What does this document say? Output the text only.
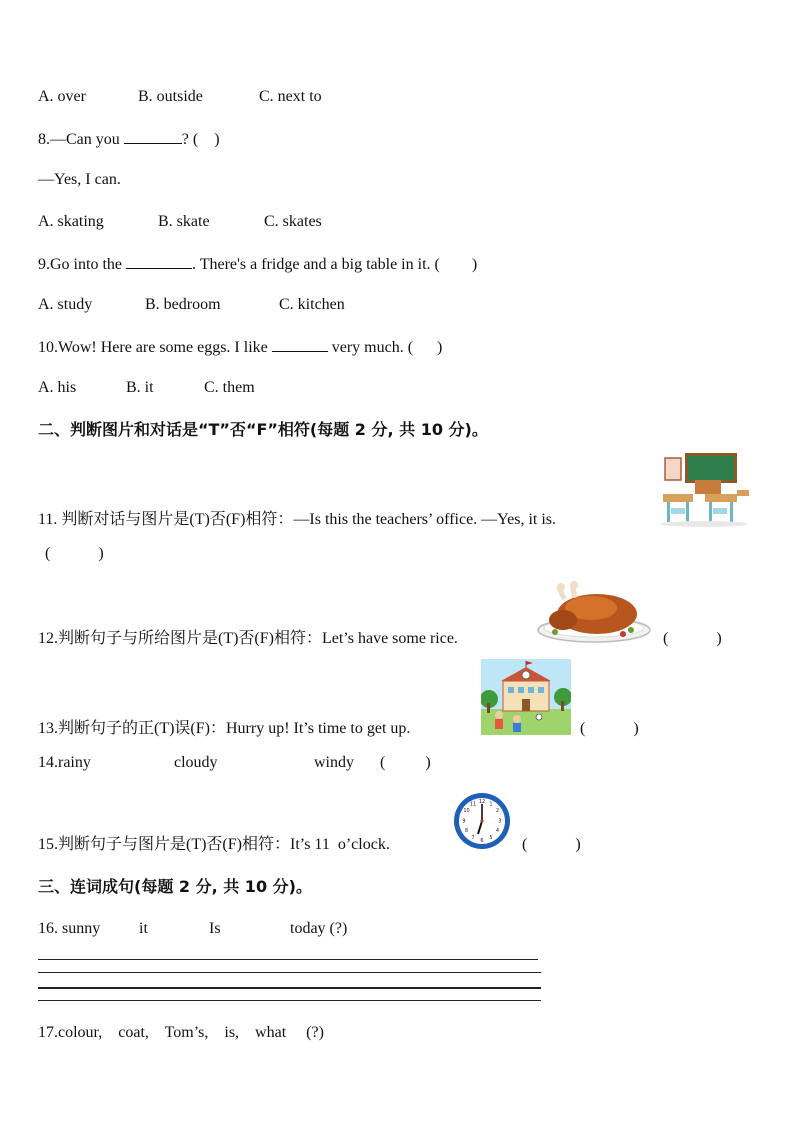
A. over	B. outside	C. next to
8.—Can you	? (    )
—Yes, I can.
A. skating	B. skate	C. skates
9.Go into the	. There's a fridge and a big table in it. (        )
A. study	B. bedroom	C. kitchen
10.Wow! Here are some eggs. I like	very much. (      )
A. his	B. it	C. them
二、判断图片和对话是“T”否“F”相符(每题 2 分, 共 10 分)。
11. 判断对话与图片是(T)否(F)相符：—Is this the teachers’ office. —Yes, it is.
(            )
12.判断句子与所给图片是(T)否(F)相符：Let’s have some rice.	(            )
13.判断句子的正(T)误(F)：Hurry up! It’s time to get up.	(            )
14.rainy	cloudy	windy (          )
12 1
2
3
4
5
6
7
8
9
10
11
15.判断句子与图片是(T)否(F)相符：It’s 11  o’clock.	(            )
三、连词成句(每题 2 分, 共 10 分)。
16. sunny it	Is	today (?)
17.colour,    coat,    Tom’s,    is,    what     (?)
